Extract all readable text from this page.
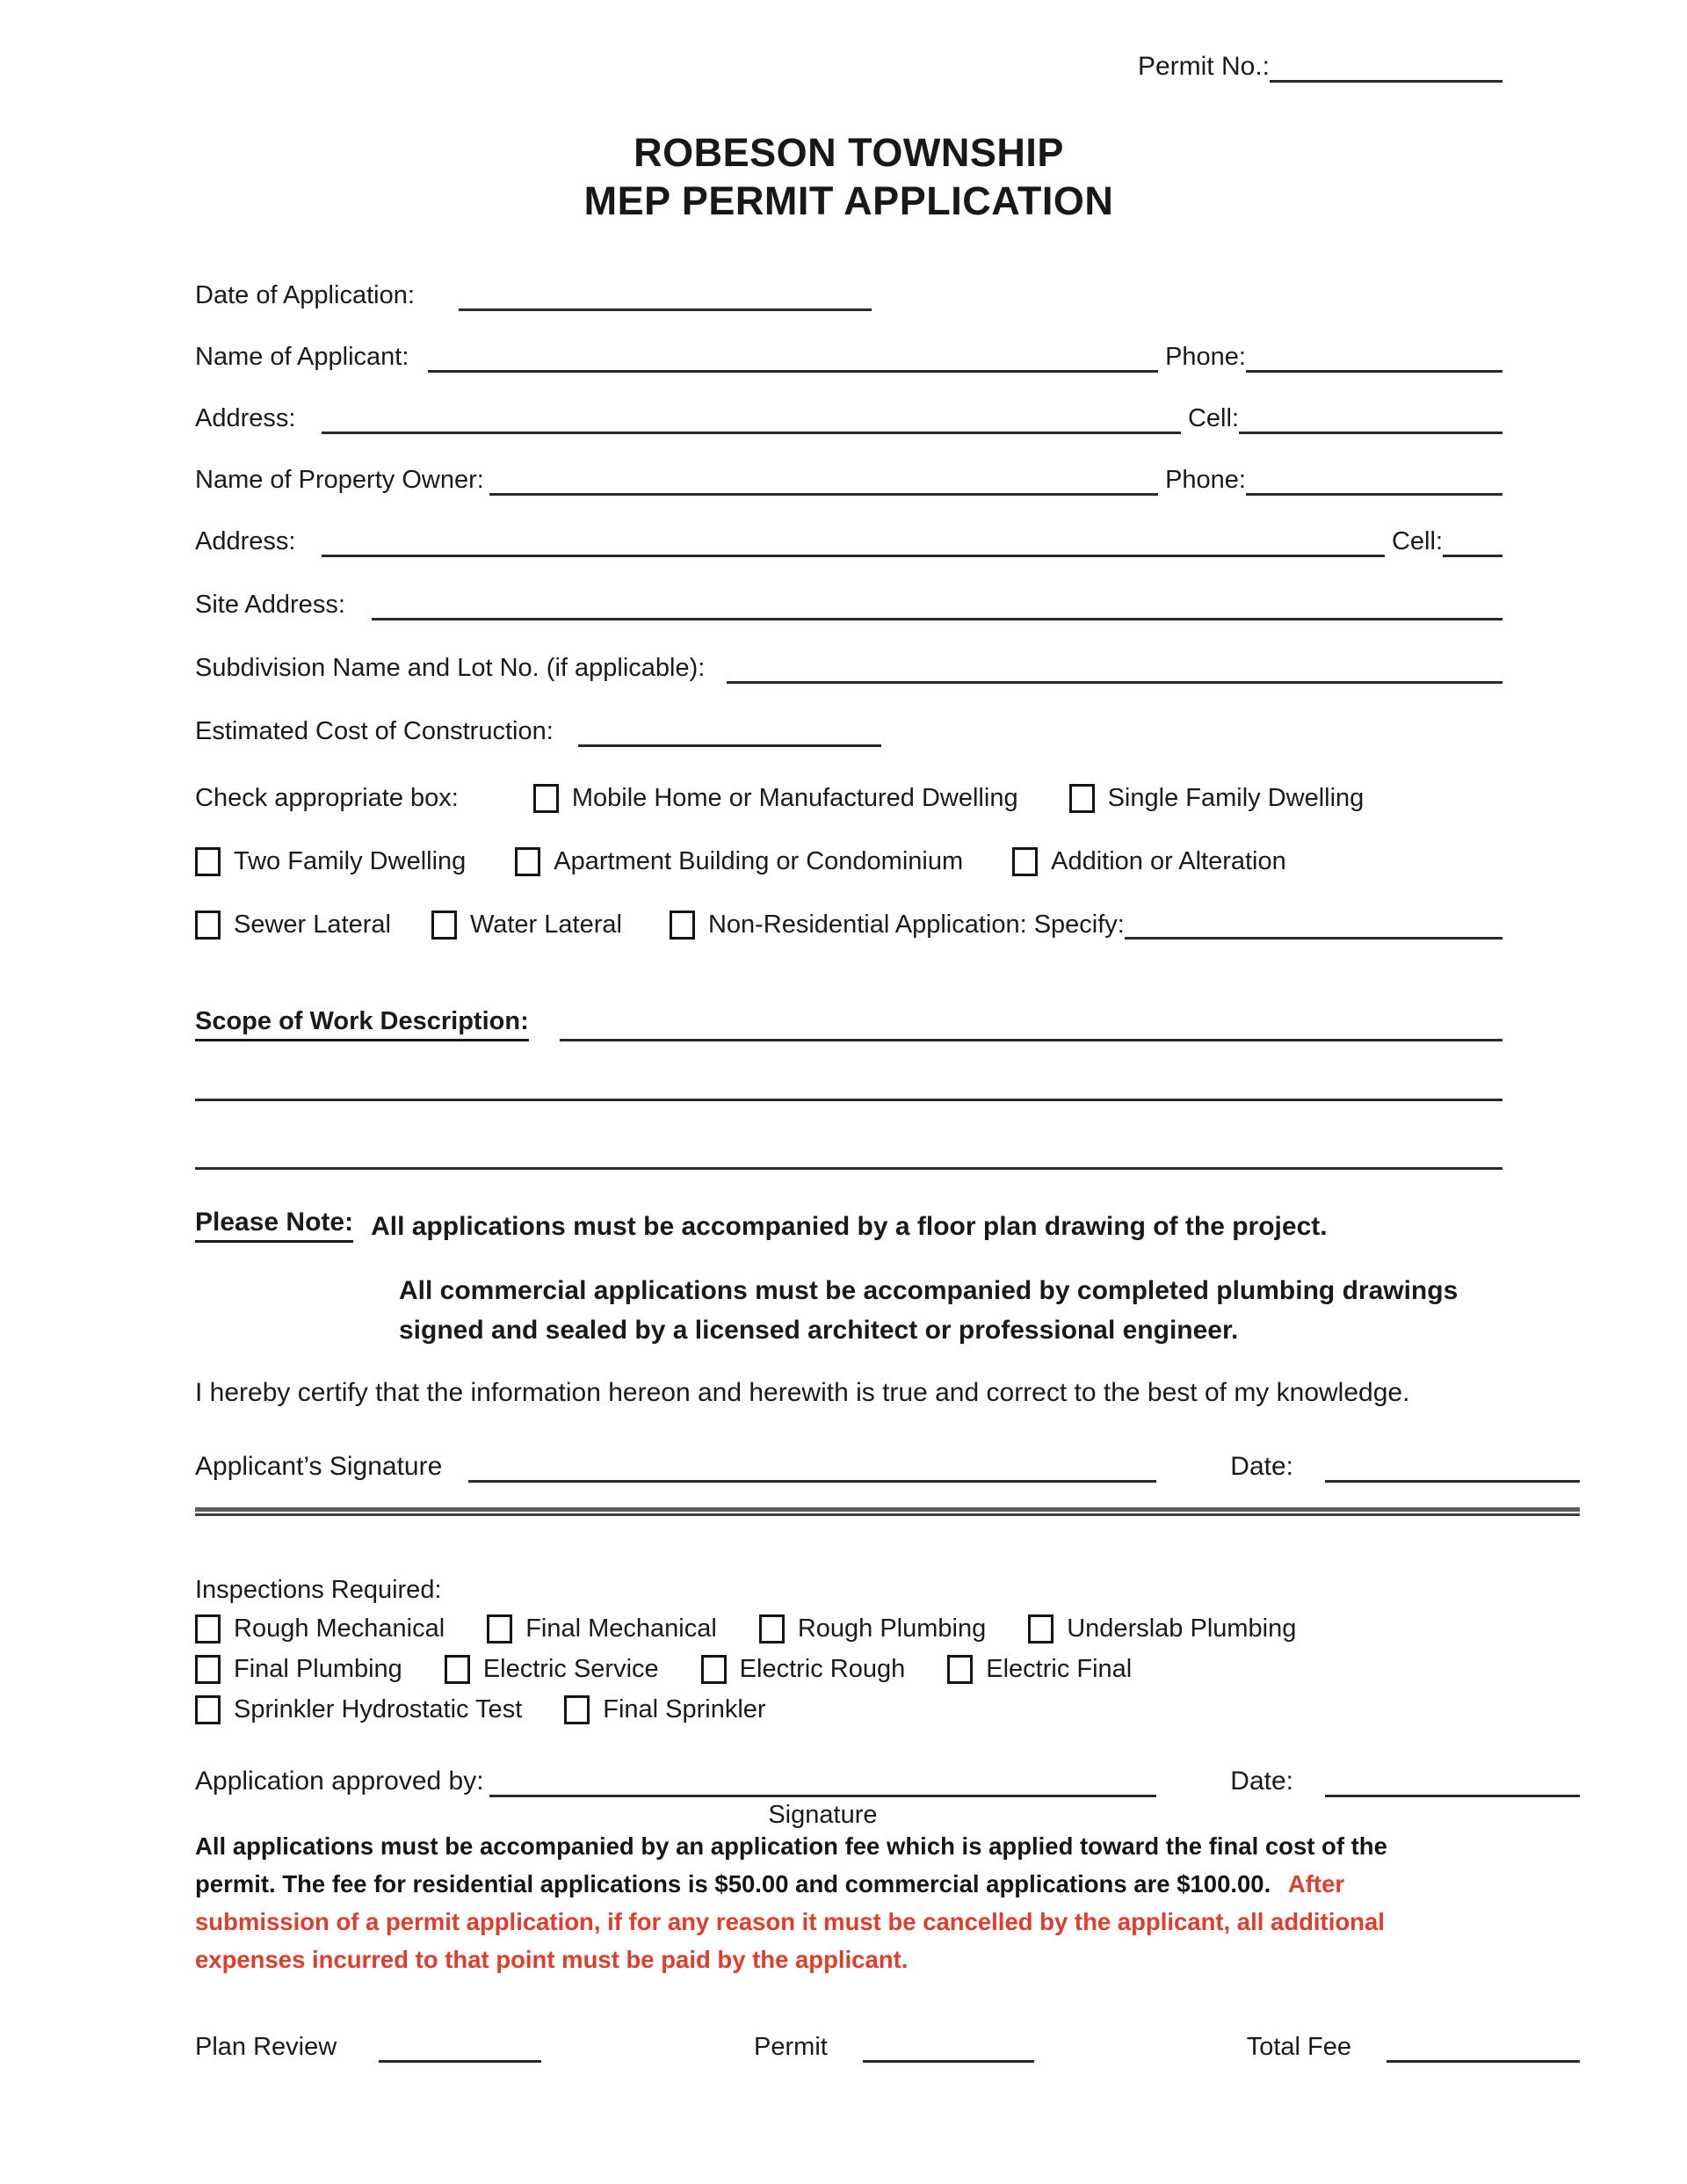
Permit No.:
ROBESON TOWNSHIP
MEP PERMIT APPLICATION
Date of Application:
Name of Applicant:	Phone:
Address:	Cell:
Name of Property Owner:	Phone:
Address:	Cell:
Site Address:
Subdivision Name and Lot No. (if applicable):
Estimated Cost of Construction:
Check appropriate box:	Mobile Home or Manufactured Dwelling	Single Family Dwelling
Two Family Dwelling	Apartment Building or Condominium	Addition or Alteration
Sewer Lateral	Water Lateral	Non-Residential Application: Specify:
Scope of Work Description:
Please Note: All applications must be accompanied by a floor plan drawing of the project.
All commercial applications must be accompanied by completed plumbing drawings signed and sealed by a licensed architect or professional engineer.
I hereby certify that the information hereon and herewith is true and correct to the best of my knowledge.
Applicant’s Signature	Date:
Inspections Required:
Rough Mechanical	Final Mechanical	Rough Plumbing	Underslab Plumbing
Final Plumbing	Electric Service	Electric Rough	Electric Final
Sprinkler Hydrostatic Test	Final Sprinkler
Application approved by:
Signature
Date:
All applications must be accompanied by an application fee which is applied toward the final cost of the permit. The fee for residential applications is $50.00 and commercial applications are $100.00. After submission of a permit application, if for any reason it must be cancelled by the applicant, all additional expenses incurred to that point must be paid by the applicant.
Plan Review	Permit	Total Fee
